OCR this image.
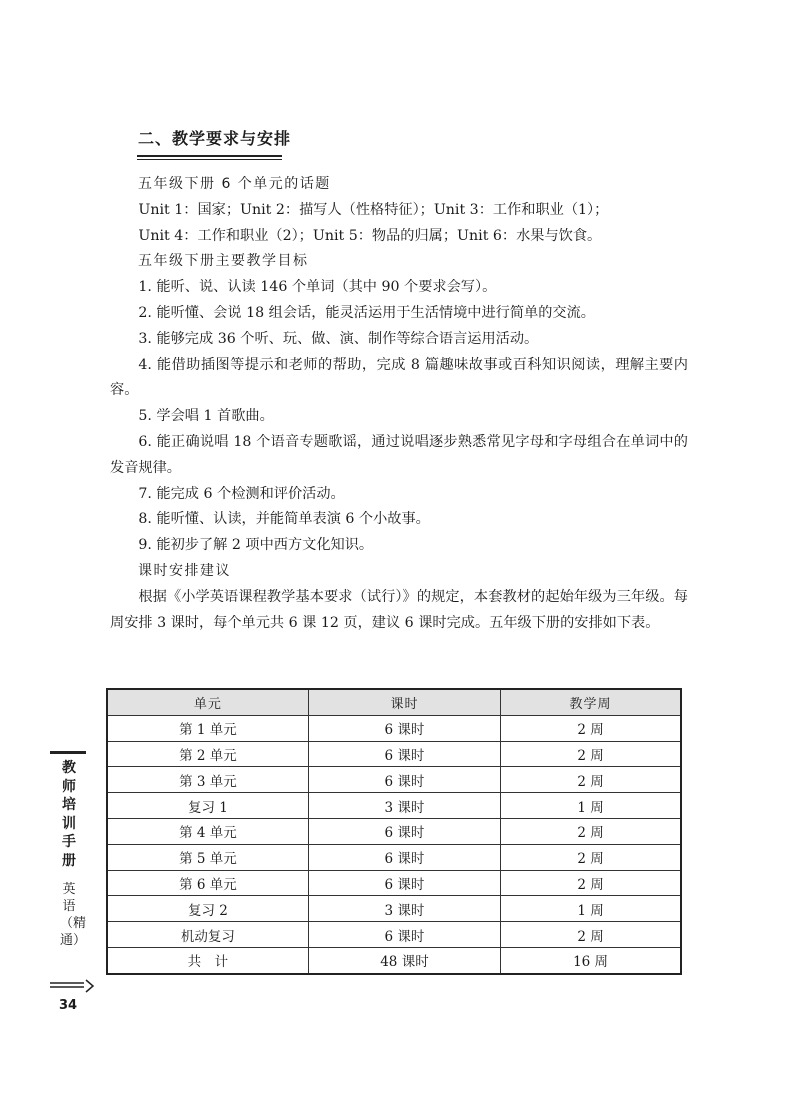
二、教学要求与安排

五年级下册 6 个单元的话题

Unit 1：国家；Unit 2：描写人（性格特征）；Unit 3：工作和职业（1）；

Unit 4：工作和职业（2）；Unit 5：物品的归属；Unit 6：水果与饮食。

五年级下册主要教学目标

1. 能听、说、认读 146 个单词（其中 90 个要求会写）。

2. 能听懂、会说 18 组会话，能灵活运用于生活情境中进行简单的交流。

3. 能够完成 36 个听、玩、做、演、制作等综合语言运用活动。

4. 能借助插图等提示和老师的帮助，完成 8 篇趣味故事或百科知识阅读，理解主要内容。

5. 学会唱 1 首歌曲。

6. 能正确说唱 18 个语音专题歌谣，通过说唱逐步熟悉常见字母和字母组合在单词中的发音规律。

7. 能完成 6 个检测和评价活动。

8. 能听懂、认读，并能简单表演 6 个小故事。

9. 能初步了解 2 项中西方文化知识。

课时安排建议

根据《小学英语课程教学基本要求（试行）》的规定，本套教材的起始年级为三年级。每周安排 3 课时，每个单元共 6 课 12 页，建议 6 课时完成。五年级下册的安排如下表。

单元	课时	教学周
第 1 单元	6 课时	2 周
第 2 单元	6 课时	2 周
第 3 单元	6 课时	2 周
复习 1	3 课时	1 周
第 4 单元	6 课时	2 周
第 5 单元	6 课时	2 周
第 6 单元	6 课时	2 周
复习 2	3 课时	1 周
机动复习	6 课时	2 周
共　计	48 课时	16 周
教师培训手册
英语（精通）
34
